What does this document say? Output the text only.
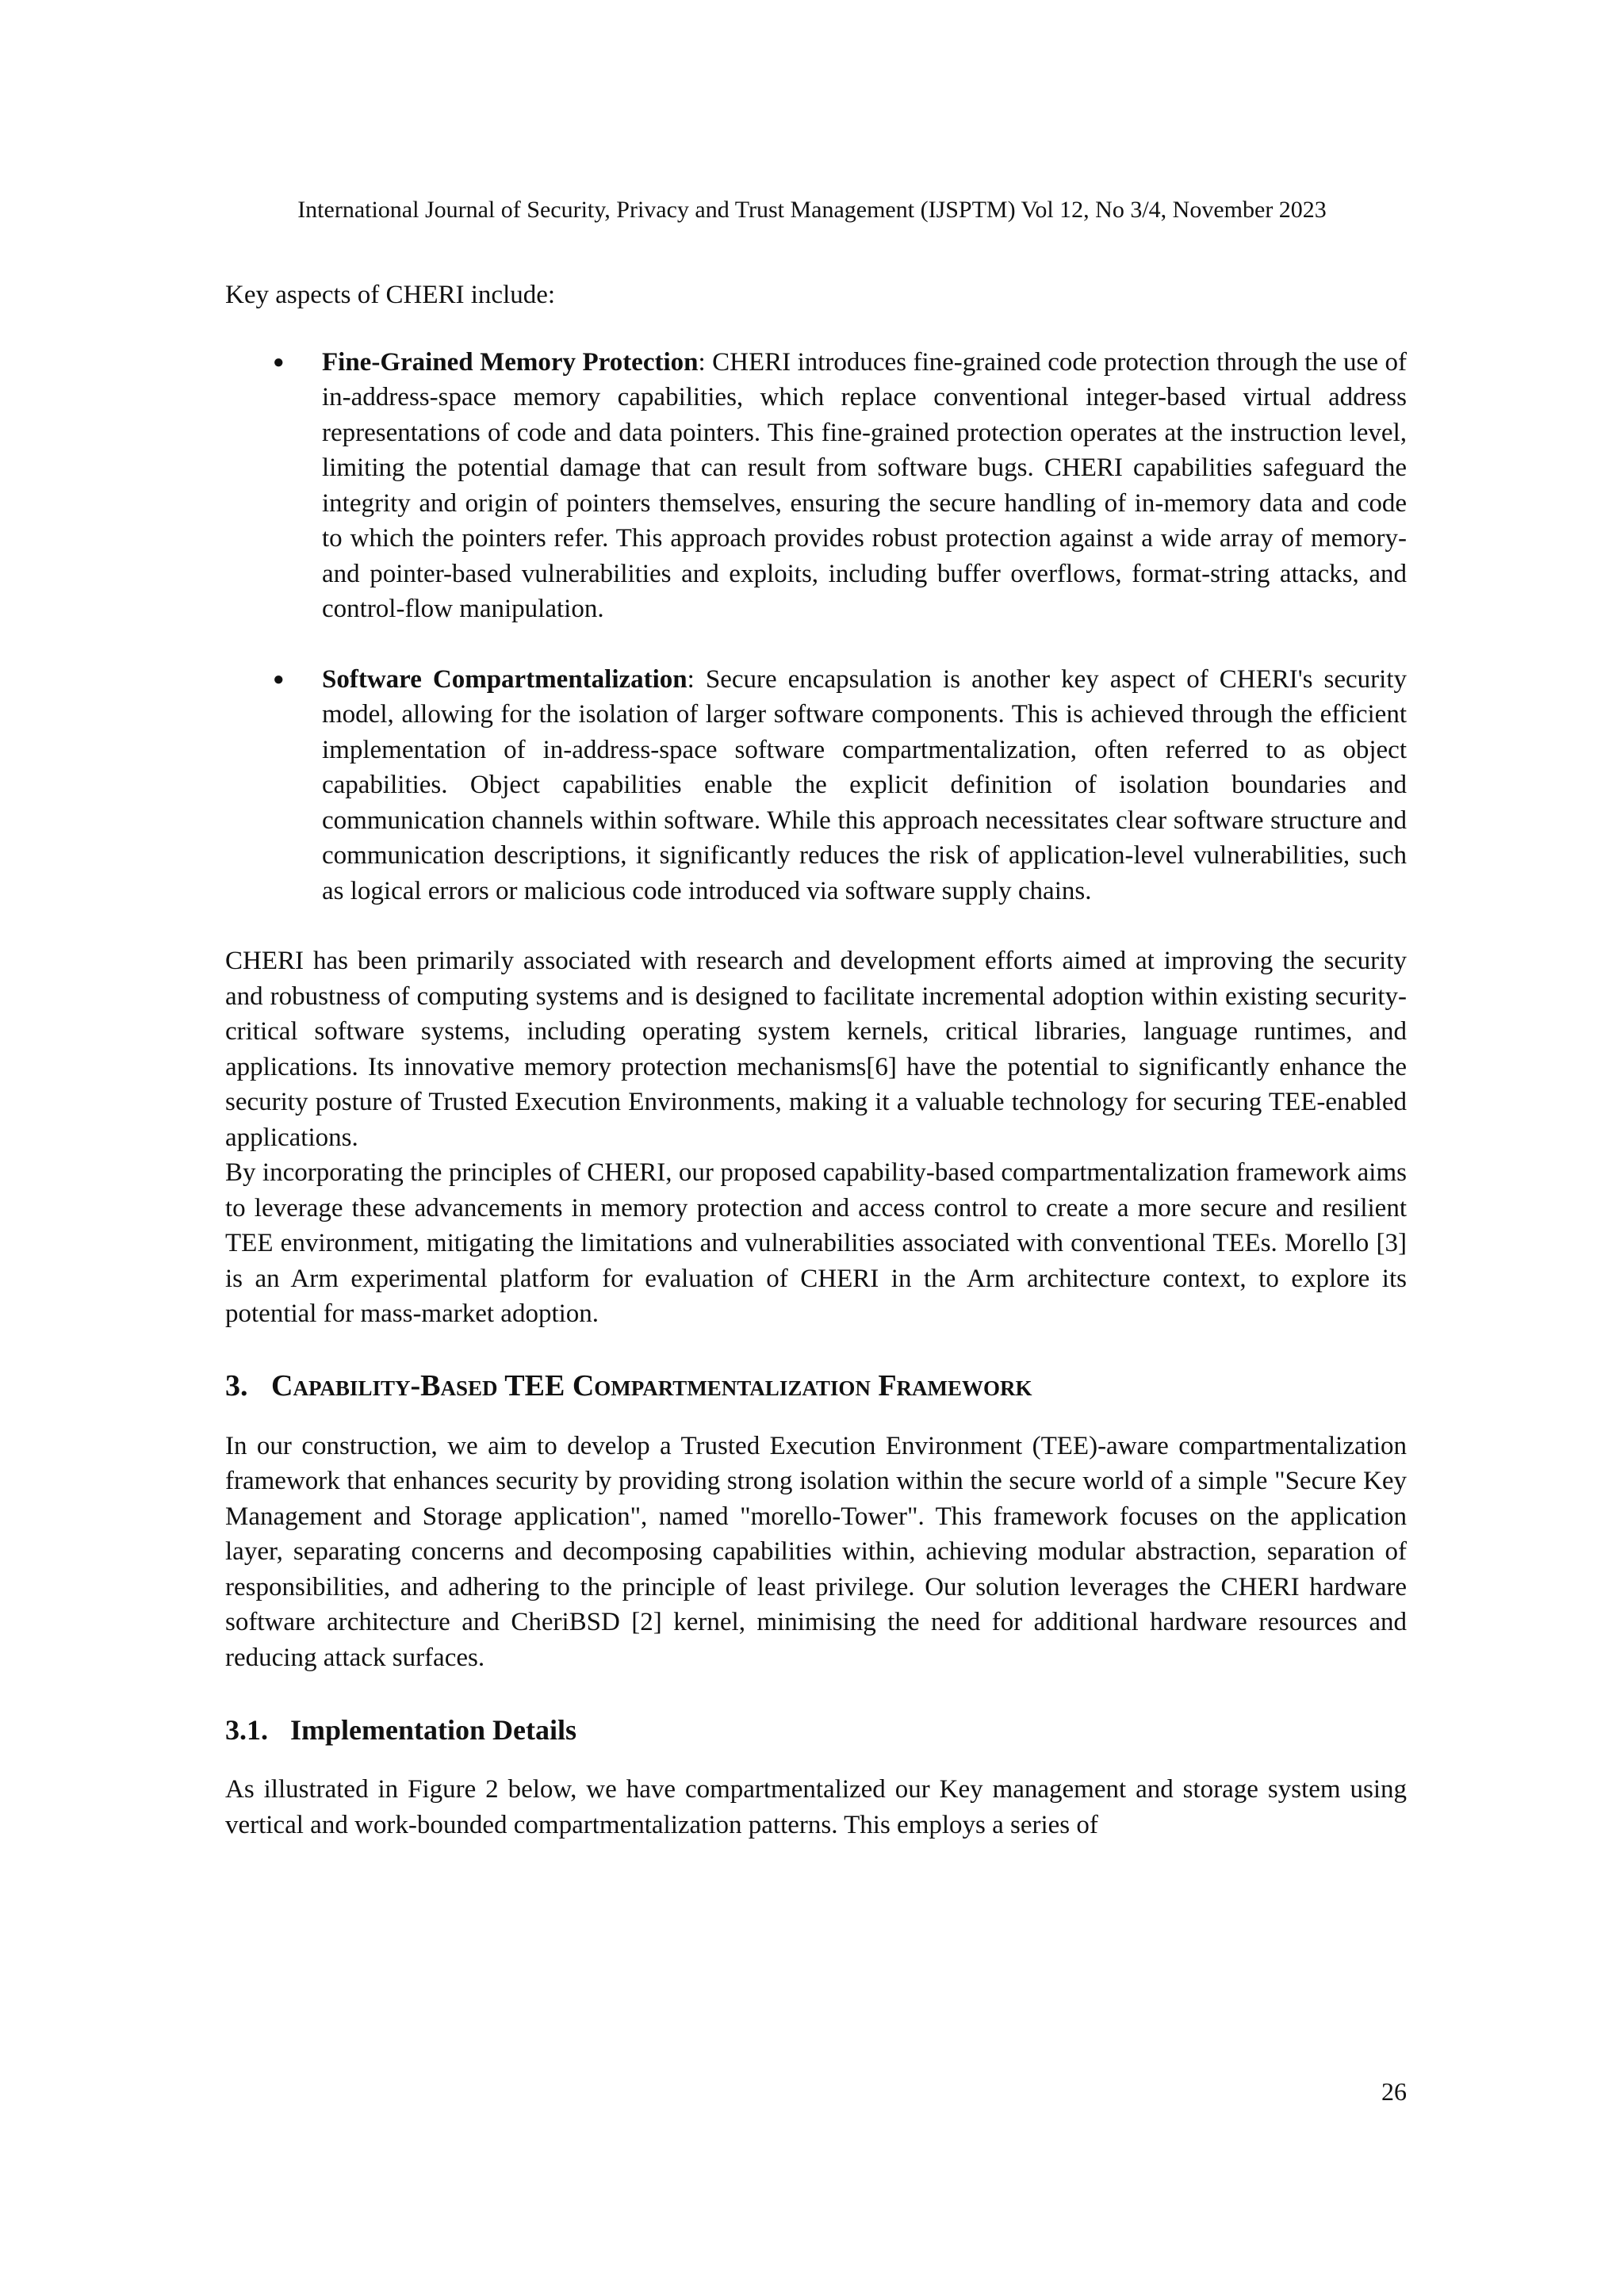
International Journal of Security, Privacy and Trust Management (IJSPTM) Vol 12, No 3/4, November 2023

Key aspects of CHERI include:

● Fine-Grained Memory Protection: CHERI introduces fine-grained code protection through the use of in-address-space memory capabilities, which replace conventional integer-based virtual address representations of code and data pointers. This fine-grained protection operates at the instruction level, limiting the potential damage that can result from software bugs. CHERI capabilities safeguard the integrity and origin of pointers themselves, ensuring the secure handling of in-memory data and code to which the pointers refer. This approach provides robust protection against a wide array of memory-and pointer-based vulnerabilities and exploits, including buffer overflows, format-string attacks, and control-flow manipulation.

● Software Compartmentalization: Secure encapsulation is another key aspect of CHERI's security model, allowing for the isolation of larger software components. This is achieved through the efficient implementation of in-address-space software compartmentalization, often referred to as object capabilities. Object capabilities enable the explicit definition of isolation boundaries and communication channels within software. While this approach necessitates clear software structure and communication descriptions, it significantly reduces the risk of application-level vulnerabilities, such as logical errors or malicious code introduced via software supply chains.

CHERI has been primarily associated with research and development efforts aimed at improving the security and robustness of computing systems and is designed to facilitate incremental adoption within existing security-critical software systems, including operating system kernels, critical libraries, language runtimes, and applications. Its innovative memory protection mechanisms[6] have the potential to significantly enhance the security posture of Trusted Execution Environments, making it a valuable technology for securing TEE-enabled applications.

By incorporating the principles of CHERI, our proposed capability-based compartmentalization framework aims to leverage these advancements in memory protection and access control to create a more secure and resilient TEE environment, mitigating the limitations and vulnerabilities associated with conventional TEEs. Morello [3] is an Arm experimental platform for evaluation of CHERI in the Arm architecture context, to explore its potential for mass-market adoption.

3. Capability-Based TEE Compartmentalization Framework

In our construction, we aim to develop a Trusted Execution Environment (TEE)-aware compartmentalization framework that enhances security by providing strong isolation within the secure world of a simple "Secure Key Management and Storage application", named "morello-Tower". This framework focuses on the application layer, separating concerns and decomposing capabilities within, achieving modular abstraction, separation of responsibilities, and adhering to the principle of least privilege. Our solution leverages the CHERI hardware software architecture and CheriBSD [2] kernel, minimising the need for additional hardware resources and reducing attack surfaces.

3.1. Implementation Details

As illustrated in Figure 2 below, we have compartmentalized our Key management and storage system using vertical and work-bounded compartmentalization patterns. This employs a series of

26
